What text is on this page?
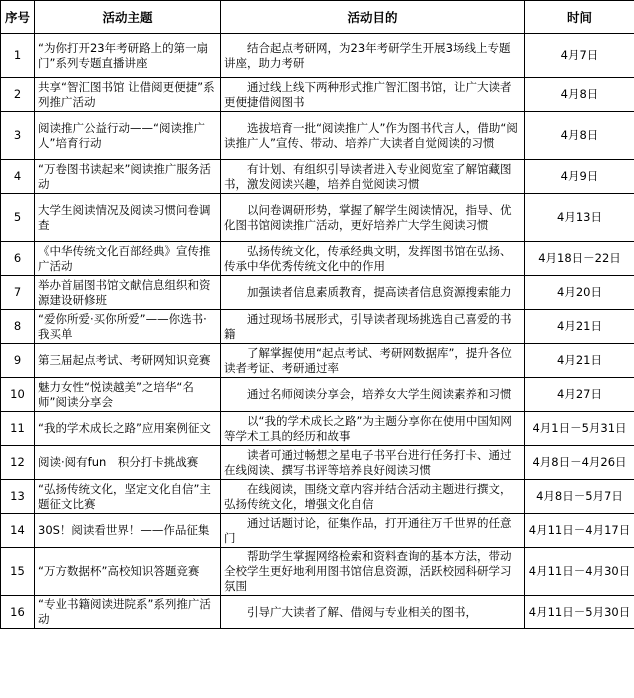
序号	活动主题	活动目的	时间
1	“为你打开23年考研路上的第一扇门”系列专题直播讲座	　　结合起点考研网，为23年考研学生开展3场线上专题讲座，助力考研	4月7日
2	共享“智汇图书馆 让借阅更便捷”系列推广活动	　　通过线上线下两种形式推广智汇图书馆，让广大读者更便捷借阅图书	4月8日
3	阅读推广公益行动——“阅读推广人”培育行动	　　选拔培育一批“阅读推广人”作为图书代言人，借助“阅读推广人”宣传、带动、培养广大读者自觉阅读的习惯	4月8日
4	“万卷图书读起来”阅读推广服务活动	　　有计划、有组织引导读者进入专业阅览室了解馆藏图书，激发阅读兴趣，培养自觉阅读习惯	4月9日
5	大学生阅读情况及阅读习惯问卷调查	　　以问卷调研形势，掌握了解学生阅读情况，指导、优化图书馆阅读推广活动，更好培养广大学生阅读习惯	4月13日
6	《中华传统文化百部经典》宣传推广活动	　　弘扬传统文化，传承经典文明，发挥图书馆在弘扬、传承中华优秀传统文化中的作用	4月18日－22日
7	举办首届图书馆文献信息组织和资源建设研修班	　　加强读者信息素质教育，提高读者信息资源搜索能力	4月20日
8	“爱你所爱·买你所爱”——你选书·我买单	　　通过现场书展形式，引导读者现场挑选自己喜爱的书籍	4月21日
9	第三届起点考试、考研网知识竞赛	　　了解掌握使用“起点考试、考研网数据库”，提升各位读者考证、考研通过率	4月21日
10	魅力女性“悦读越美”之培华“名师”阅读分享会	　　通过名师阅读分享会，培养女大学生阅读素养和习惯	4月27日
11	“我的学术成长之路”应用案例征文	　　以“我的学术成长之路”为主题分享你在使用中国知网等学术工具的经历和故事	4月1日－5月31日
12	阅读·阅有fun　积分打卡挑战赛	　　读者可通过畅想之星电子书平台进行任务打卡、通过在线阅读、撰写书评等培养良好阅读习惯	4月8日－4月26日
13	“弘扬传统文化，坚定文化自信”主题征文比赛	　　在线阅读，围绕文章内容并结合活动主题进行撰文，弘扬传统文化，增强文化自信	4月8日－5月7日
14	30S！阅读看世界！——作品征集	　　通过话题讨论，征集作品，打开通往万千世界的任意门	4月11日－4月17日
15	“万方数据杯”高校知识答题竞赛	　　帮助学生掌握网络检索和资料查询的基本方法，带动全校学生更好地利用图书馆信息资源，活跃校园科研学习氛围	4月11日－4月30日
16	“专业书籍阅读进院系”系列推广活动	　　引导广大读者了解、借阅与专业相关的图书，	4月11日－5月30日
